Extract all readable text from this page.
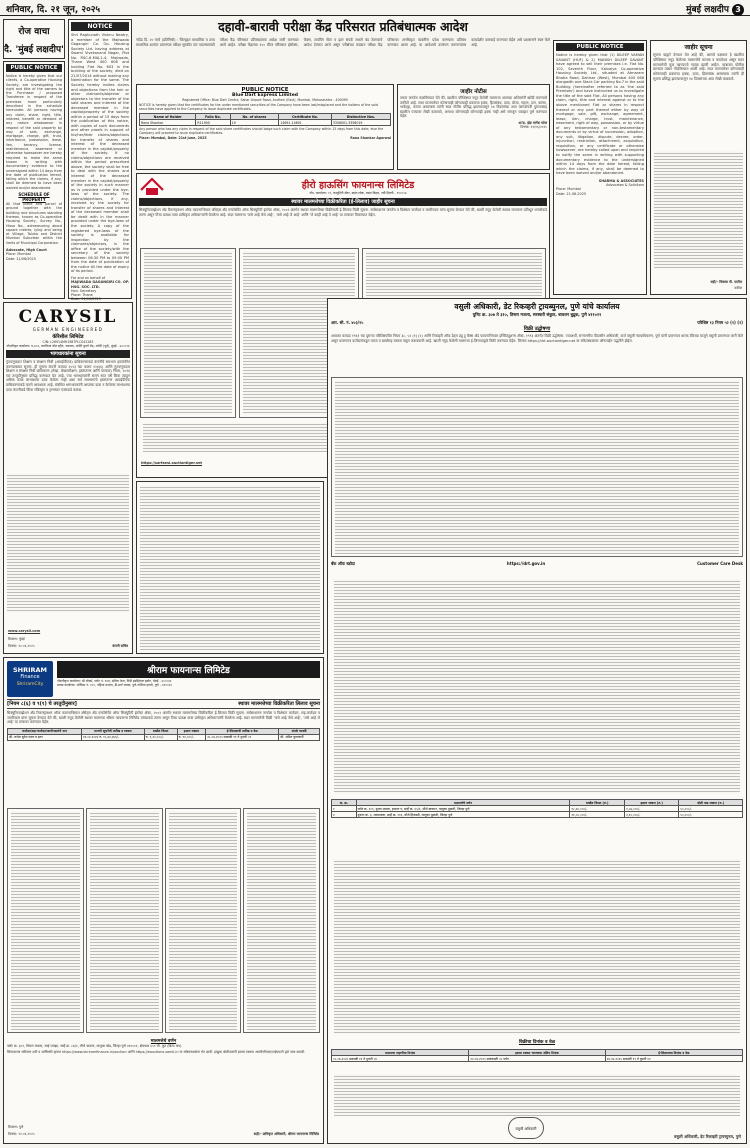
शनिवार, दि. २१ जून, २०२५	मुंबई लक्षदीप 3
रोज वाचा
दै. 'मुंबई लक्षदीप'
PUBLIC NOTICE
Notice is hereby given that our clients, a Co-operative Housing Society, are investigating the right and title of the owners to the Purchaser / proposed Transferee in respect of the premises more particularly described in the schedule hereunder. All persons having any claim, share, right, title, interest, benefit or demand of any nature whatsoever in respect of the said property by way of sale, exchange, mortgage, charge, gift, trust, inheritance, possession, lease, lien, tenancy, license, maintenance, easement or otherwise howsoever are hereby required to make the same known in writing with documentary evidence to the undersigned within 14 days from the date of publication hereof, failing which the claims, if any, shall be deemed to have been waived and/or abandoned.
SCHEDULE OF PROPERTY
All that piece and parcel of ground together with the building and structures standing thereon, known as Co-operative Housing Society, Survey No., Hissa No., admeasuring about square metres, lying and being at Village, Taluka and District Mumbai Suburban within the limits of Municipal Corporation.
Advocate, High Court
Place: Mumbai
Date: 21/06/2025
NOTICE
Shri Raghunath Vishnu Neatry, a member of the Majiwada Gagangiri Co. Op. Housing Society Ltd. having address at Swami Vivekanand Nagar, Plot No. RSC-6-MAJ-1-4, Majiwada, Thane West 400 606 and holding Flat No. 603 in the building of the society, died on 21/07/2014 without making any Nomination for the same. The Society hereby invites claims and objections from the heir or other claimants/objector or objectors to the transfer of the said shares and interest of the deceased member in the capital/property of the society within a period of 15 days from the publication of this notice, with copies of such documents and other proofs in support of his/her/their claims/objections for transfer of shares and interest of the deceased member in the capital/property of the society. If no claims/objections are received within the period prescribed above, the society shall be free to deal with the shares and interest of the deceased member in the capital/property of the society in such manner as is provided under the bye-laws of the society. The claims/objections, if any, received by the society for transfer of shares and interest of the deceased member shall be dealt with in the manner provided under the bye-laws of the society. A copy of the registered bye-laws of the society is available for inspection by the claimants/objectors, in the office of the society/with the secretary of the society between 06.30 PM to 09.00 PM from the date of publication of the notice till the date of expiry of its period.
For and on behalf of
MAJIWADA GAGANGIRI CO. OP. HSG. SOC. LTD.
Hon. Secretary
Place: Thane
Date: 21/06/2025
दहावी-बारावी परीक्षा केंद्र परिसरात प्रतिबंधात्मक आदेश
नांदेड दि. २० मार्च (प्रतिनिधी) : जिल्ह्यात माध्यमिक व उच्च माध्यमिक शालांत प्रमाणपत्र परीक्षा सुरळीत पार पाडण्यासाठी परीक्षा केंद्र परिसरात प्रतिबंधात्मक आदेश जारी करण्यात आले आहेत. परीक्षा केंद्राच्या १०० मीटर परिसरात झेरॉक्स, फॅक्स, टायपिंग सेंटर व इतर संपर्क साधने बंद ठेवण्याचे आदेश देण्यात आले असून परीक्षेच्या काळात परीक्षा केंद्र परिसरात अनधिकृत व्यक्तींना प्रवेश करण्यास प्रतिबंध करण्यात आला आहे. या आदेशाचे उल्लंघन करणाऱ्यांवर कायदेशीर कारवाई करण्यात येईल असे प्रशासनाने स्पष्ट केले आहे.
PUBLIC NOTICE
Blue Dart Express Limited
Registered Office: Blue Dart Centre, Sahar Airport Road, Andheri (East), Mumbai, Maharashtra - 400099
NOTICE is hereby given that the certificates for the under mentioned securities of the Company have been lost/misplaced and the holders of the said securities have applied to the Company to issue duplicate certificates.
Name of Holder	Folio No.	No. of shares	Certificate No.	Distinctive Nos.
Rana Shankar	R11900	19	14691-14691	3358001-3358019
Any person who has any claim in respect of the said share certificates should lodge such claim with the Company within 15 days from this date, else the Company will proceed to issue duplicate certificates.
Place: Mumbai, Date: 21st June, 2025	Rana Shankar Agarwal
जाहीर नोटीस
तमाम जनतेस कळविण्यात येते की, खालील परिशिष्टात नमूद केलेली मालमत्ता आमच्या अशिलांनी खरेदी करण्याचे ठरविले आहे. सदर मालमत्तेवर कोणाचाही कोणत्याही प्रकारचा हक्क, हितसंबंध, दावा, बोजा, गहाण, दान, वारसा, भाडेपट्टा, कब्जा असल्यास त्यांनी सदर नोटीस प्रसिद्ध झाल्यापासून १४ दिवसांच्या आत कागदोपत्री पुराव्यासह खालील पत्त्यावर लेखी कळवावे, अन्यथा कोणाचाही कोणताही हक्क नाही असे समजून व्यवहार पूर्ण करण्यात येईल.
अॅड. झेड मार्गेश पटेल
दिनांक: २१/०६/२०२५
हीरो हाऊसिंग फायनान्स लिमिटेड
नोंद. कार्यालय: ०९, कम्युनिटी सेंटर, बसंत लोक, वसंत विहार, नवी दिल्ली - ११००५७
स्थावर मालमत्तेच्या विक्रीकरिता (ई-लिलाव) जाहीर सूचना
सिक्युरिटायझेशन अँड रिकन्स्ट्रक्शन ऑफ फायनान्शियल ॲसेट्स अँड एन्फोर्समेंट ऑफ सिक्युरिटी इंटरेस्ट ॲक्ट, २००२ अंतर्गत स्थावर मालमत्तेच्या विक्रीसाठी ई-लिलाव विक्री सूचना. सर्वसाधारण जनतेस व विशेषतः कर्जदार व जामीनदार यांना सूचना देण्यात येते की, खाली नमूद केलेली स्थावर मालमत्ता प्रतिभूत धनकोकडे तारण असून तिचा प्रत्यक्ष ताबा प्राधिकृत अधिकाऱ्यांनी घेतलेला आहे. सदर मालमत्ता 'जसे आहे जेथे आहे', 'जसे आहे जे आहे' आणि 'जे काही आहे ते आहे' या तत्त्वावर विकण्यात येईल.
https://sarfaesi.auctiontiger.net
PUBLIC NOTICE
Notice is hereby given that (1) DILEEP VAMAN SAVANT (HUF) & 2) MANISH DILEEP SAVANT have agreed to sell their premises i.e. Flat No. 102, Seventh Floor, Kalvalya Co-operative Housing Society Ltd., situated at Atmaram Bhatia Road, Dahisar (West), Mumbai 400 068 alongwith one Stack Car parking No.7 in the said Building (hereinafter referred to as 'the said Premises') and have instructed us to investigate the title of the said Flat. All persons having any claim, right, title and interest against or to the above mentioned Flat or shares in respect thereof or any part thereof either by way of mortgage, sale, gift, exchange, agreement, lease, lien, charge, trust, maintenance, easement, right of way, possession, or by virtue of any testamentary or non-testamentary documents or by virtue of succession, adoption, any suit, litigation, dispute, decree, order, injunction, restriction, attachment, acquisition, requisition, or any certificate or otherwise howsoever, are hereby called upon and required to notify the same in writing with supporting documentary evidence to the undersigned within 14 days from the date hereof, failing which the claims, if any, shall be deemed to have been waived and/or abandoned.
SHARMA & ASSOCIATES
Advocates & Solicitors
Place: Mumbai
Date: 21-06-2025
जाहीर सूचना
सूचना याद्वारे देण्यात येत आहे की, आमचे पक्षकार हे खालील परिशिष्टात नमूद केलेल्या मालमत्तेचे मालक व कब्जेदार असून सदर मालमत्तेची मूळ कागदपत्रे गहाळ झाली आहेत. याबाबत पोलीस ठाण्यात तक्रार नोंदविण्यात आली आहे. सदर मालमत्तेवर कोणाचाही कोणत्याही प्रकारचा हक्क, दावा, हितसंबंध असल्यास त्यांनी ही सूचना प्रसिद्ध झाल्यापासून १४ दिवसांच्या आत लेखी कळवावे.
सही/- विकास पी. पाटील
वकील
CARYSIL
GERMAN ENGINEERED
कॅरिसील लिमिटेड
CIN: L26914MH1987PLC042283
नोंदणीकृत कार्यालय: ए-७०२, कनकिया वॉल स्ट्रीट, चकाला, अंधेरी कुर्ला रोड, अंधेरी (पूर्व), मुंबई - ४०००९३
भागधारकांना सूचना
गुंतवणूकदार शिक्षण व संरक्षण निधी (आयईपीएफ) प्राधिकरणाकडे कंपनीचे समभाग हस्तांतरित करण्याबाबत सूचना. ही सूचना कंपनी कायदा २०१३ च्या कलम १२४(६) आणि गुंतवणूकदार शिक्षण व संरक्षण निधी प्राधिकरण (लेखा, लेखापरीक्षण, हस्तांतरण आणि परतावा) नियम, २०१६ च्या तरतुदीनुसार प्रसिद्ध करण्यात येत आहे. ज्या भागधारकांनी सलग सात वर्षे किंवा त्याहून अधिक काळ लाभांशाचा दावा केलेला नाही अशा सर्व समभागांचे हस्तांतरण आयईपीएफ प्राधिकरणाकडे करणे आवश्यक आहे. संबंधित भागधारकांनी आपल्या दावा न केलेल्या लाभांशाचा दावा कंपनीकडे किंवा रजिस्ट्रार व ट्रान्सफर एजंटकडे करावा.
www.carysil.com
ठिकाण: मुंबई
दिनांक: २०.०६.२०२५	कंपनी सचिव
वसुली अधिकारी, डेट रिकव्हरी ट्रायब्युनल, पुणे यांचे कार्यालय
युनिट क्र. ३०७ ते ३१०, तिसरा मजला, सरस्वती संकुल, बावधन बुद्रुक, पुणे ४११०२१
आर. सी. नं. ४०३/२५	परिशिष्ट १३ नियम ५२ (१) (२)
विक्री उद्घोषणा
आयकर कायदा १९६१ च्या दुसऱ्या परिशिष्टातील नियम ३८, ५२ (१) (२) आणि रिकव्हरी ऑफ डेट्स ड्यू टू बँक्स अँड फायनान्शियल इन्स्टिट्यूशन्स ॲक्ट, १९९३ अंतर्गत विक्री उद्घोषणा. ज्याअर्थी, सन्माननीय पीठासीन अधिकारी, कर्ज वसुली न्यायाधिकरण, पुणे यांनी प्रमाणपत्र धारक बँकेच्या बाजूने वसुली प्रमाणपत्र जारी केले असून प्रमाणपत्र कर्जदारांकडून व्याज व खर्चासह रक्कम वसुल करावयाची आहे. खाली नमूद केलेली मालमत्ता ई-लिलावाद्वारे विक्री करण्यात येईल. लिलाव https://drt.auctiontiger.net या संकेतस्थळावर ऑनलाईन पद्धतीने होईल.
बँक ऑफ बडोदा	https://drt.gov.in	Customer Care Desk
अ. क्र.	मालमत्तेचे वर्णन	राखीव किंमत (रु.)	इसारा रक्कम (रु.)	बोली वाढ रक्कम (रु.)
१	फ्लॅट क्र. २०१, दुसरा मजला, इमारत ए, सर्व्हे क्र. ४५/२, मौजे बावधन, तालुका मुळशी, जिल्हा पुणे	१८,७०,०००/-	१,८७,०००/-	५०,०००/-
२	दुकान क्र. ३, तळमजला, सर्व्हे क्र. ११२, मौजे हिंजवडी, तालुका मुळशी, जिल्हा पुणे	२१,००,०००/-	२,१०,०००/-	५०,०००/-
विक्रीचा दिनांक व वेळ
मालमत्ता पाहणीचा दिनांक	इसारा रक्कम भरण्याचा अंतिम दिनांक	ई-लिलावाचा दिनांक व वेळ
०८.०७.२०२५ सकाळी ११ ते दुपारी ०४	२२.०७.२०२५ सायंकाळी ०५ पर्यंत	२४.०७.२०२५ सकाळी ११ ते दुपारी १२
वसुली अधिकारी
वसुली अधिकारी, डेट रिकव्हरी ट्रायब्युनल, पुणे
SHRIRAM
Finance
ShriramCity
श्रीराम फायनान्स लिमिटेड
नोंदणीकृत कार्यालय: श्री टॉवर्स, प्लॉट नं. १४ए, दक्षिण फेज, गिंडी इंडस्ट्रियल इस्टेट, चेन्नई - ६०००३२
शाखा कार्यालय: ऑफिस नं. १०१, पहिला मजला, डी-मार्ट जवळ, पुणे-नाशिक हायवे, पुणे - ४११०६२
[नियम ८(६) व ९(१) चे तरतुदीनुसार]	स्थावर मालमत्तेच्या विक्रीकरिता लिलाव सूचना
सिक्युरिटायझेशन अँड रिकन्स्ट्रक्शन ऑफ फायनान्शियल ॲसेट्स अँड एन्फोर्समेंट ऑफ सिक्युरिटी इंटरेस्ट ॲक्ट, २००२ अंतर्गत स्थावर मालमत्तेच्या विक्रीकरिता ई-लिलाव विक्री सूचना. सर्वसाधारण जनतेस व विशेषतः कर्जदार, सह-कर्जदार व जामीनदार यांना सूचना देण्यात येते की, खाली नमूद केलेली स्थावर मालमत्ता श्रीराम फायनान्स लिमिटेड यांच्याकडे तारण असून तिचा प्रत्यक्ष ताबा प्राधिकृत अधिकाऱ्यांनी घेतलेला आहे. सदर मालमत्तेची विक्री 'जसे आहे जेथे आहे', 'जसे आहे जे आहे' या तत्त्वावर करण्यात येईल.
कर्जदार/सह-कर्जदार/जामीनदारांचे नाव	मागणी सूचनेची तारीख व रक्कम	राखीव किंमत	इसारा रक्कम	ई-लिलावाची तारीख व वेळ	संपर्क व्यक्ती
श्री. राजेश सुरेश पवार व इतर	१२.०२.२०२४ रु. १८,४२,३५६/-	रु. ९,२०,०००/-	रु. ९२,०००/-	२८.०७.२०२५ सकाळी ११ ते दुपारी ०१	श्री. अमित कुलकर्णी
मालमत्तेचे वर्णन
फ्लॅट क्र. ३०२, तिसरा मजला, साई प्लाझा, सर्व्हे क्र. ८७/१, मौजे चाकण, तालुका खेड, जिल्हा पुणे ४१०५०१, क्षेत्रफळ ६५० चौ. फूट (बिल्ट अप)
लिलावाच्या सविस्तर अटी व शर्तींसाठी कृपया https://www.shriramfinance.in/auction आणि https://eauctions.samil.in या संकेतस्थळांना भेट द्यावी. इच्छुक बोलीदारांनी इसारा रक्कम आरटीजीएस/एनईएफटी द्वारे जमा करावी.
ठिकाण: पुणे
दिनांक: २१.०६.२०२५	सही/- प्राधिकृत अधिकारी, श्रीराम फायनान्स लिमिटेड
